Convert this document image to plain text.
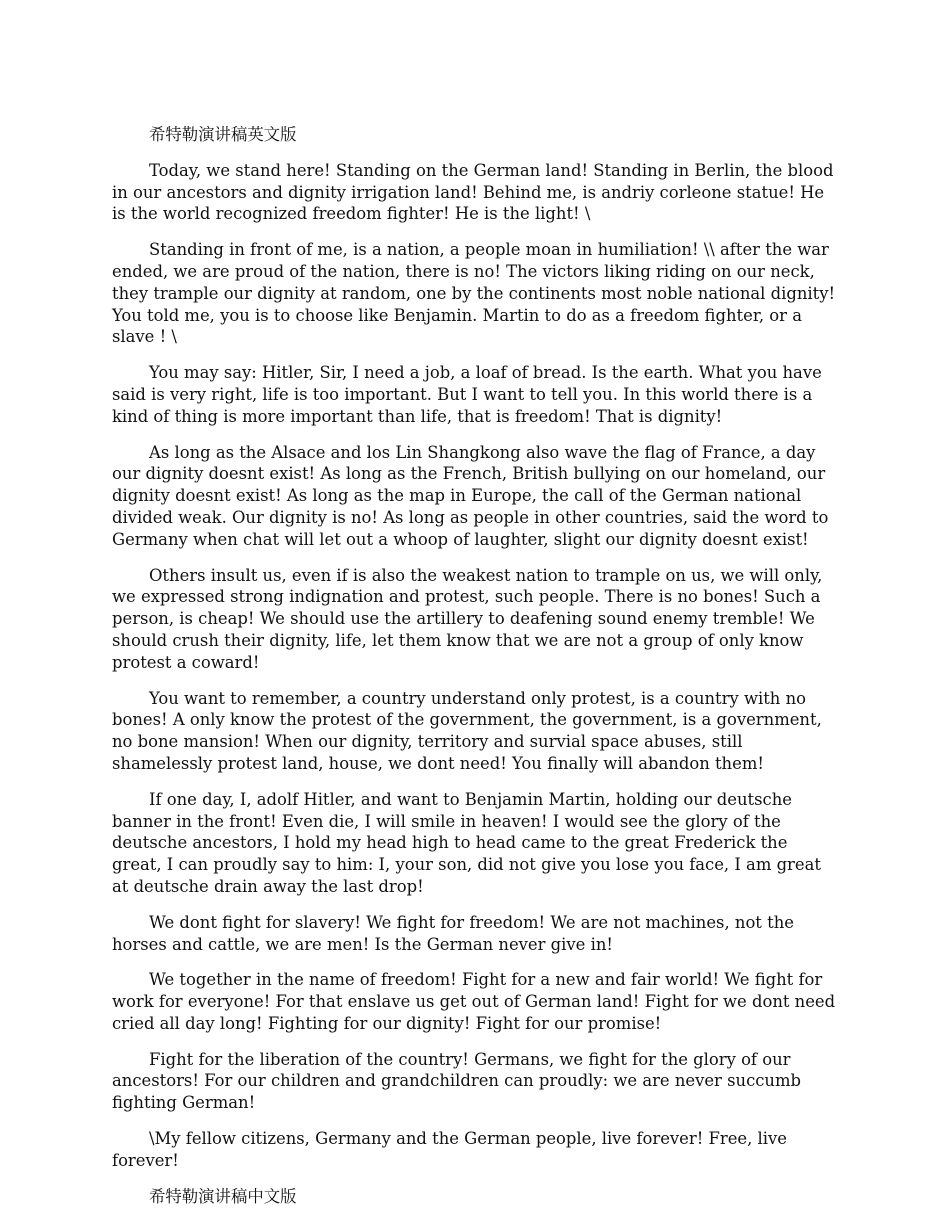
希特勒演讲稿英文版

Today, we stand here! Standing on the German land! Standing in Berlin, the blood in our ancestors and dignity irrigation land! Behind me, is andriy corleone statue! He is the world recognized freedom fighter! He is the light! \

Standing in front of me, is a nation, a people moan in humiliation! \\ after the war ended, we are proud of the nation, there is no! The victors liking riding on our neck, they trample our dignity at random, one by the continents most noble national dignity! You told me, you is to choose like Benjamin. Martin to do as a freedom fighter, or a slave ! \

You may say: Hitler, Sir, I need a job, a loaf of bread. Is the earth. What you have said is very right, life is too important. But I want to tell you. In this world there is a kind of thing is more important than life, that is freedom! That is dignity!

As long as the Alsace and los Lin Shangkong also wave the flag of France, a day our dignity doesnt exist! As long as the French, British bullying on our homeland, our dignity doesnt exist! As long as the map in Europe, the call of the German national divided weak. Our dignity is no! As long as people in other countries, said the word to Germany when chat will let out a whoop of laughter, slight our dignity doesnt exist!

Others insult us, even if is also the weakest nation to trample on us, we will only, we expressed strong indignation and protest, such people. There is no bones! Such a person, is cheap! We should use the artillery to deafening sound enemy tremble! We should crush their dignity, life, let them know that we are not a group of only know protest a coward!

You want to remember, a country understand only protest, is a country with no bones! A only know the protest of the government, the government, is a government, no bone mansion! When our dignity, territory and survial space abuses, still shamelessly protest land, house, we dont need! You finally will abandon them!

If one day, I, adolf Hitler, and want to Benjamin Martin, holding our deutsche banner in the front! Even die, I will smile in heaven! I would see the glory of the deutsche ancestors, I hold my head high to head came to the great Frederick the great, I can proudly say to him: I, your son, did not give you lose you face, I am great at deutsche drain away the last drop!

We dont fight for slavery! We fight for freedom! We are not machines, not the horses and cattle, we are men! Is the German never give in!

We together in the name of freedom! Fight for a new and fair world! We fight for work for everyone! For that enslave us get out of German land! Fight for we dont need cried all day long! Fighting for our dignity! Fight for our promise!

Fight for the liberation of the country! Germans, we fight for the glory of our ancestors! For our children and grandchildren can proudly: we are never succumb fighting German!

\My fellow citizens, Germany and the German people, live forever! Free, live forever!

希特勒演讲稿中文版
